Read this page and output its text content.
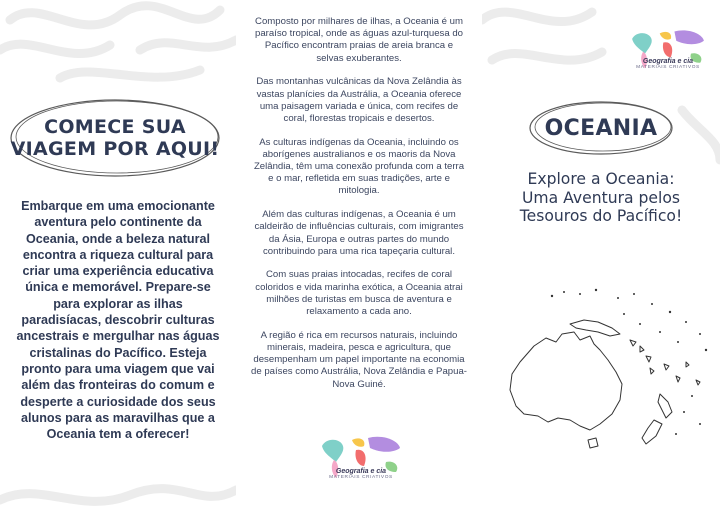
COMECE SUA
VIAGEM POR AQUI!
Embarque em uma emocionante aventura pelo continente da Oceania, onde a beleza natural encontra a riqueza cultural para criar uma experiência educativa única e memorável. Prepare-se para explorar as ilhas paradisíacas, descobrir culturas ancestrais e mergulhar nas águas cristalinas do Pacífico. Esteja pronto para uma viagem que vai além das fronteiras do comum e desperte a curiosidade dos seus alunos para as maravilhas que a Oceania tem a oferecer!

Composto por milhares de ilhas, a Oceania é um paraíso tropical, onde as águas azul-turquesa do Pacífico encontram praias de areia branca e selvas exuberantes.

Das montanhas vulcânicas da Nova Zelândia às vastas planícies da Austrália, a Oceania oferece uma paisagem variada e única, com recifes de coral, florestas tropicais e desertos.

As culturas indígenas da Oceania, incluindo os aborígenes australianos e os maoris da Nova Zelândia, têm uma conexão profunda com a terra e o mar, refletida em suas tradições, arte e mitologia.

Além das culturas indígenas, a Oceania é um caldeirão de influências culturais, com imigrantes da Ásia, Europa e outras partes do mundo contribuindo para uma rica tapeçaria cultural.

Com suas praias intocadas, recifes de coral coloridos e vida marinha exótica, a Oceania atrai milhões de turistas em busca de aventura e relaxamento a cada ano.

A região é rica em recursos naturais, incluindo minerais, madeira, pesca e agricultura, que desempenham um papel importante na economia de países como Austrália, Nova Zelândia e Papua-Nova Guiné.

Geografia e cia
MATERIAIS CRIATIVOS
Geografia e cia
MATERIAIS CRIATIVOS
OCEANIA
Explore a Oceania: Uma Aventura pelos Tesouros do Pacífico!
